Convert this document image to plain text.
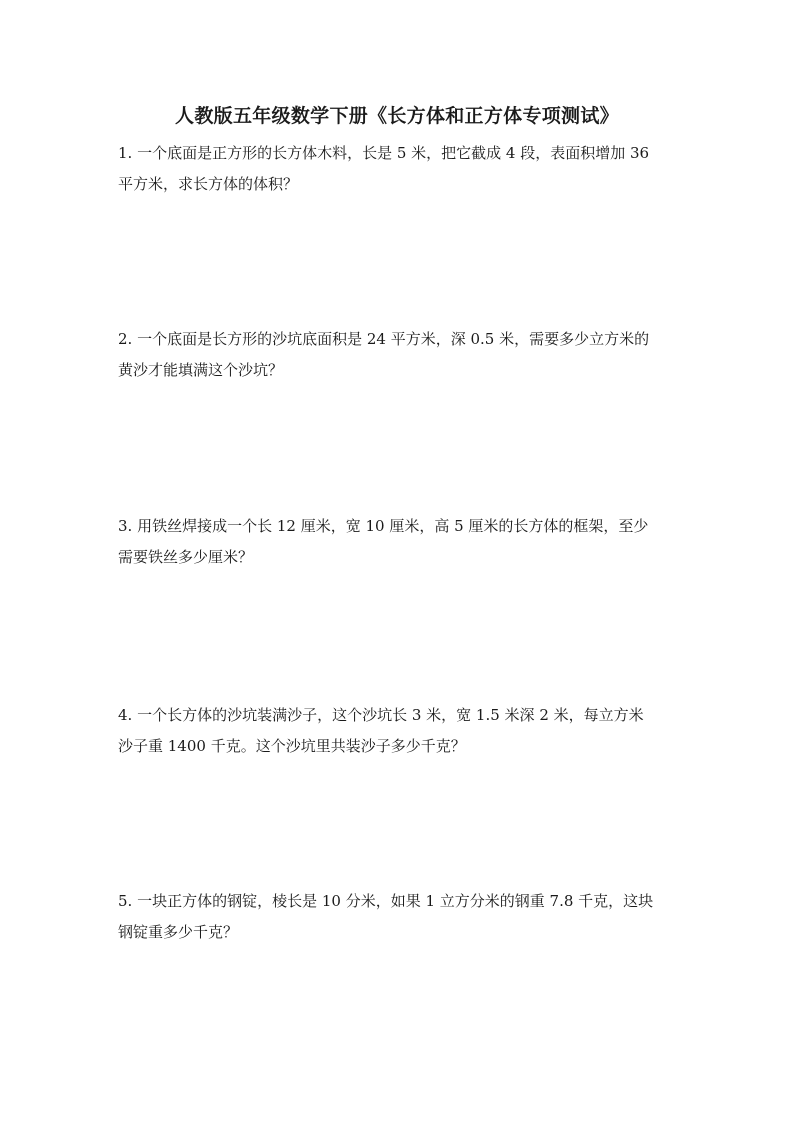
人教版五年级数学下册《长方体和正方体专项测试》
1. 一个底面是正方形的长方体木料，长是 5 米，把它截成 4 段，表面积增加 36
平方米，求长方体的体积？
2. 一个底面是长方形的沙坑底面积是 24 平方米，深 0.5 米，需要多少立方米的
黄沙才能填满这个沙坑？
3. 用铁丝焊接成一个长 12 厘米，宽 10 厘米，高 5 厘米的长方体的框架，至少
需要铁丝多少厘米？
4. 一个长方体的沙坑装满沙子，这个沙坑长 3 米，宽 1.5 米深 2 米，每立方米
沙子重 1400 千克。这个沙坑里共装沙子多少千克？
5. 一块正方体的钢锭，棱长是 10 分米，如果 1 立方分米的钢重 7.8 千克，这块
钢锭重多少千克？
